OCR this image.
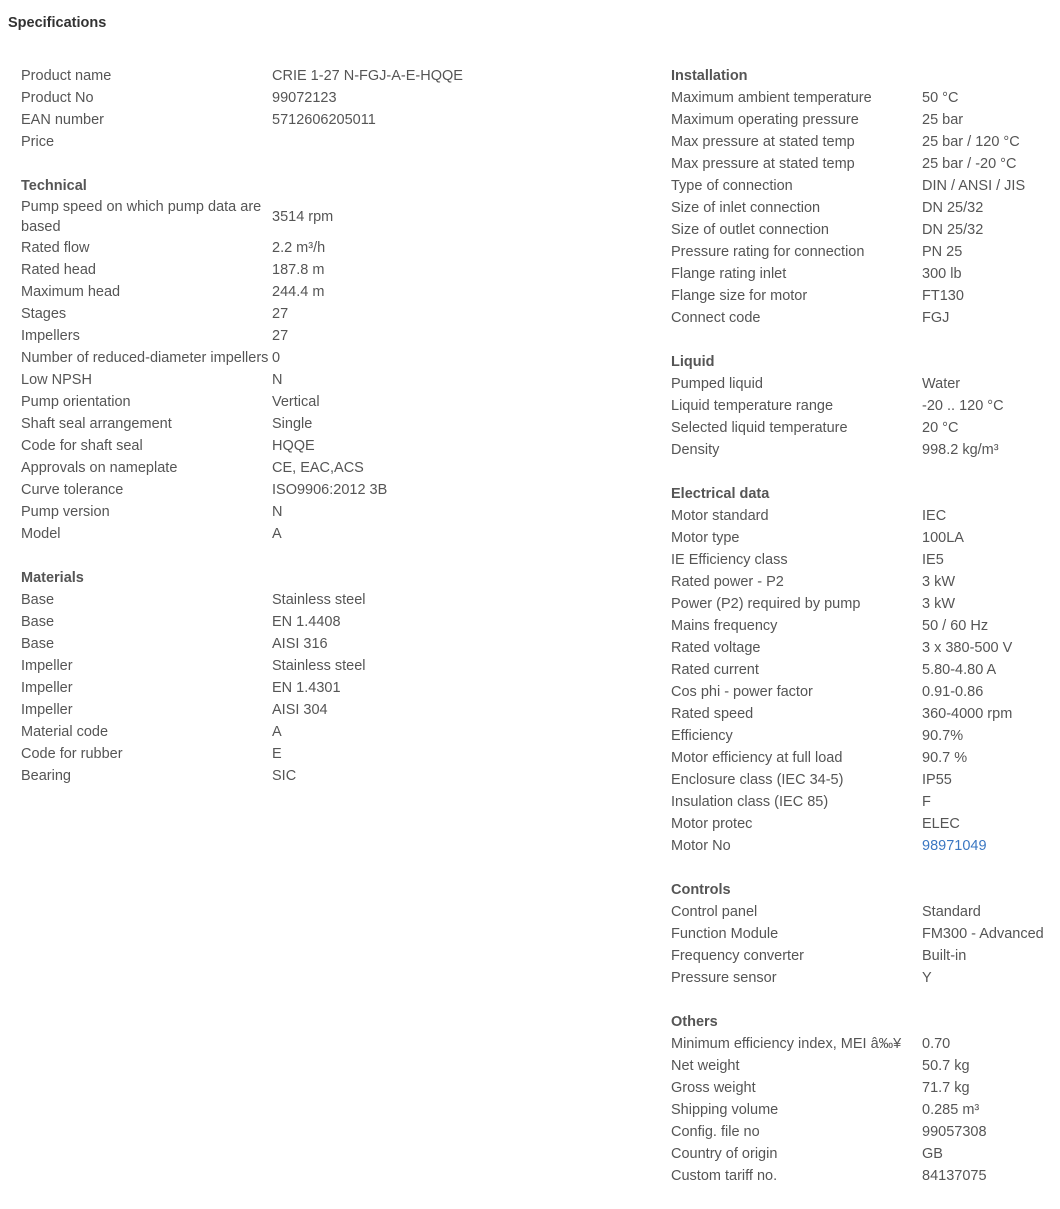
Specifications
Product name	CRIE 1-27 N-FGJ-A-E-HQQE
Product No	99072123
EAN number	5712606205011
Price	
Technical
Pump speed on which pump data are based	3514 rpm
Rated flow	2.2 m³/h
Rated head	187.8 m
Maximum head	244.4 m
Stages	27
Impellers	27
Number of reduced-diameter impellers	0
Low NPSH	N
Pump orientation	Vertical
Shaft seal arrangement	Single
Code for shaft seal	HQQE
Approvals on nameplate	CE, EAC,ACS
Curve tolerance	ISO9906:2012 3B
Pump version	N
Model	A
Materials
Base	Stainless steel
Base	EN 1.4408
Base	AISI 316
Impeller	Stainless steel
Impeller	EN 1.4301
Impeller	AISI 304
Material code	A
Code for rubber	E
Bearing	SIC
Installation
Maximum ambient temperature	50 °C
Maximum operating pressure	25 bar
Max pressure at stated temp	25 bar / 120 °C
Max pressure at stated temp	25 bar / -20 °C
Type of connection	DIN / ANSI / JIS
Size of inlet connection	DN 25/32
Size of outlet connection	DN 25/32
Pressure rating for connection	PN 25
Flange rating inlet	300 lb
Flange size for motor	FT130
Connect code	FGJ
Liquid
Pumped liquid	Water
Liquid temperature range	-20 .. 120 °C
Selected liquid temperature	20 °C
Density	998.2 kg/m³
Electrical data
Motor standard	IEC
Motor type	100LA
IE Efficiency class	IE5
Rated power - P2	3 kW
Power (P2) required by pump	3 kW
Mains frequency	50 / 60 Hz
Rated voltage	3 x 380-500 V
Rated current	5.80-4.80 A
Cos phi - power factor	0.91-0.86
Rated speed	360-4000 rpm
Efficiency	90.7%
Motor efficiency at full load	90.7 %
Enclosure class (IEC 34-5)	IP55
Insulation class (IEC 85)	F
Motor protec	ELEC
Motor No	98971049
Controls
Control panel	Standard
Function Module	FM300 - Advanced
Frequency converter	Built-in
Pressure sensor	Y
Others
Minimum efficiency index, MEI â‰¥	0.70
Net weight	50.7 kg
Gross weight	71.7 kg
Shipping volume	0.285 m³
Config. file no	99057308
Country of origin	GB
Custom tariff no.	84137075
